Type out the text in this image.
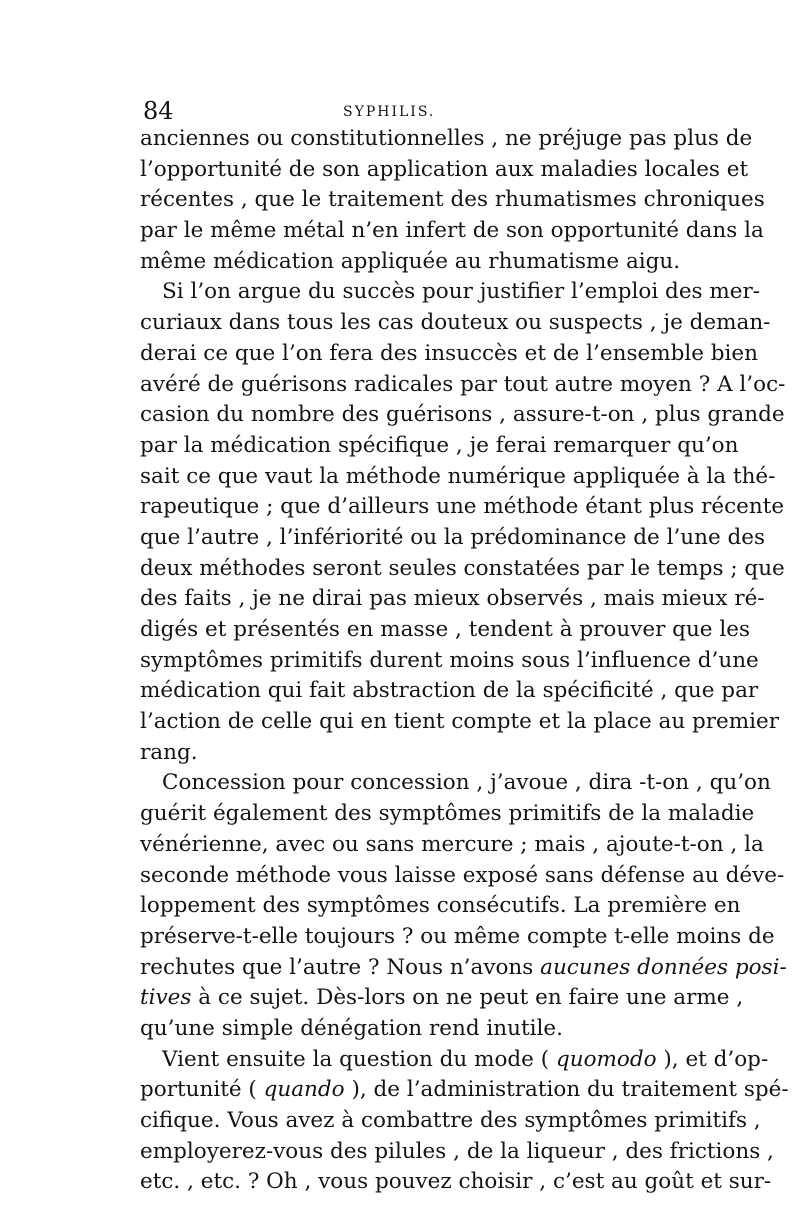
84	SYPHILIS.
anciennes ou constitutionnelles , ne préjuge pas plus de
l’opportunité de son application aux maladies locales et
récentes , que le traitement des rhumatismes chroniques
par le même métal n’en infert de son opportunité dans la
même médication appliquée au rhumatisme aigu.
Si l’on argue du succès pour justifier l’emploi des mer-
curiaux dans tous les cas douteux ou suspects , je deman-
derai ce que l’on fera des insuccès et de l’ensemble bien
avéré de guérisons radicales par tout autre moyen ? A l’oc-
casion du nombre des guérisons , assure-t-on , plus grande
par la médication spécifique , je ferai remarquer qu’on
sait ce que vaut la méthode numérique appliquée à la thé-
rapeutique ; que d’ailleurs une méthode étant plus récente
que l’autre , l’infériorité ou la prédominance de l’une des
deux méthodes seront seules constatées par le temps ; que
des faits , je ne dirai pas mieux observés , mais mieux ré-
digés et présentés en masse , tendent à prouver que les
symptômes primitifs durent moins sous l’influence d’une
médication qui fait abstraction de la spécificité , que par
l’action de celle qui en tient compte et la place au premier
rang.
Concession pour concession , j’avoue , dira -t-on , qu’on
guérit également des symptômes primitifs de la maladie
vénérienne, avec ou sans mercure ; mais , ajoute-t-on , la
seconde méthode vous laisse exposé sans défense au déve-
loppement des symptômes consécutifs. La première en
préserve-t-elle toujours ? ou même compte t-elle moins de
rechutes que l’autre ? Nous n’avons aucunes données posi-
tives à ce sujet. Dès-lors on ne peut en faire une arme ,
qu’une simple dénégation rend inutile.
Vient ensuite la question du mode ( quomodo ), et d’op-
portunité ( quando ), de l’administration du traitement spé-
cifique. Vous avez à combattre des symptômes primitifs ,
employerez-vous des pilules , de la liqueur , des frictions ,
etc. , etc. ? Oh , vous pouvez choisir , c’est au goût et sur-
